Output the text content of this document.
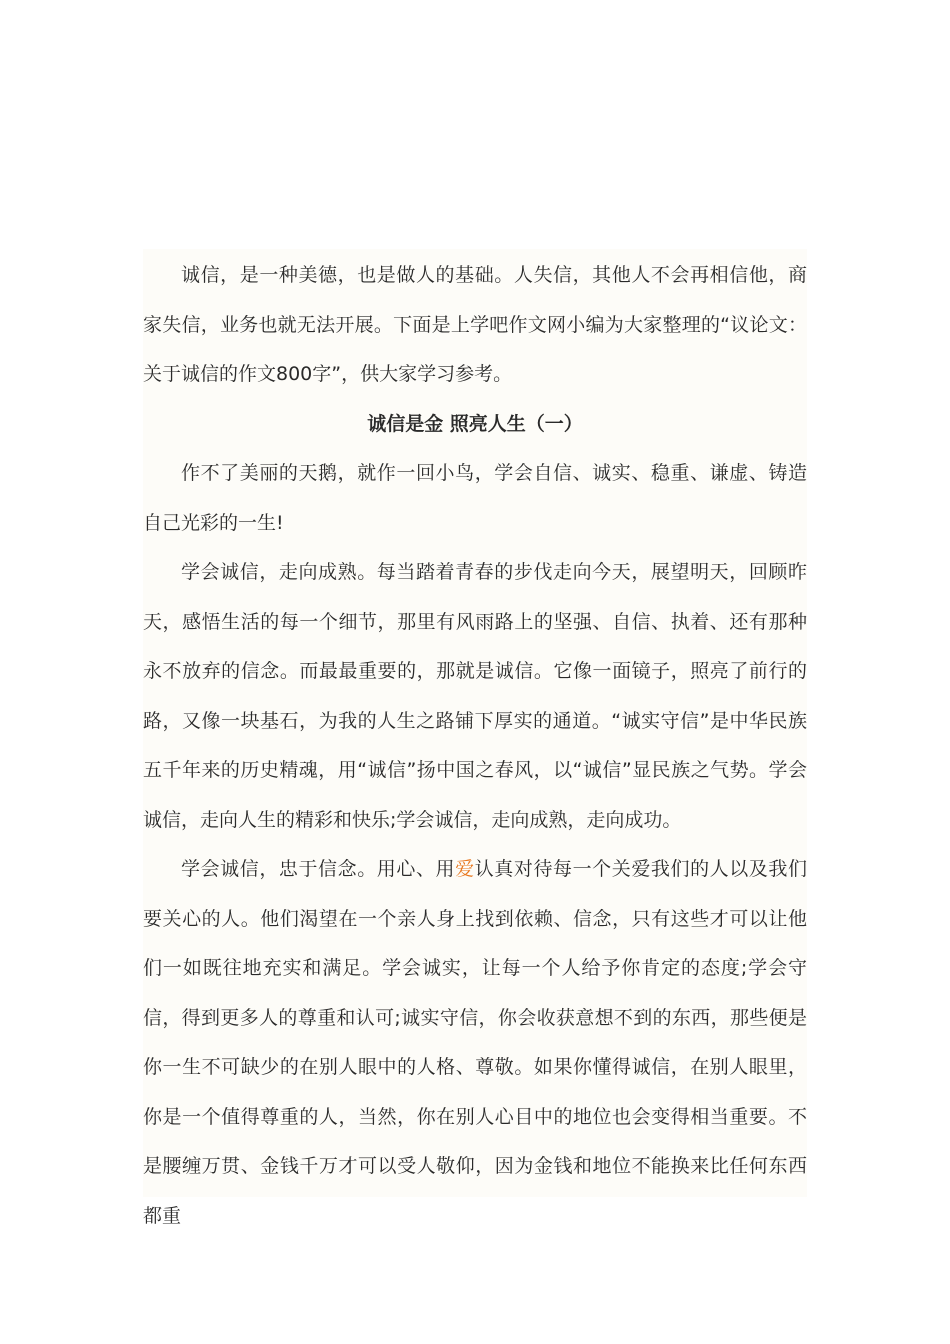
诚信，是一种美德，也是做人的基础。人失信，其他人不会再相信他，商家失信，业务也就无法开展。下面是上学吧作文网小编为大家整理的“议论文：关于诚信的作文800字”，供大家学习参考。

诚信是金 照亮人生（一）

作不了美丽的天鹅，就作一回小鸟，学会自信、诚实、稳重、谦虚、铸造自己光彩的一生!

学会诚信，走向成熟。每当踏着青春的步伐走向今天，展望明天，回顾昨天，感悟生活的每一个细节，那里有风雨路上的坚强、自信、执着、还有那种永不放弃的信念。而最最重要的，那就是诚信。它像一面镜子，照亮了前行的路，又像一块基石，为我的人生之路铺下厚实的通道。“诚实守信”是中华民族五千年来的历史精魂，用“诚信”扬中国之春风，以“诚信”显民族之气势。学会诚信，走向人生的精彩和快乐;学会诚信，走向成熟，走向成功。

学会诚信，忠于信念。用心、用爱认真对待每一个关爱我们的人以及我们要关心的人。他们渴望在一个亲人身上找到依赖、信念，只有这些才可以让他们一如既往地充实和满足。学会诚实，让每一个人给予你肯定的态度;学会守信，得到更多人的尊重和认可;诚实守信，你会收获意想不到的东西，那些便是你一生不可缺少的在别人眼中的人格、尊敬。如果你懂得诚信，在别人眼里，你是一个值得尊重的人，当然，你在别人心目中的地位也会变得相当重要。不是腰缠万贯、金钱千万才可以受人敬仰，因为金钱和地位不能换来比任何东西都重
